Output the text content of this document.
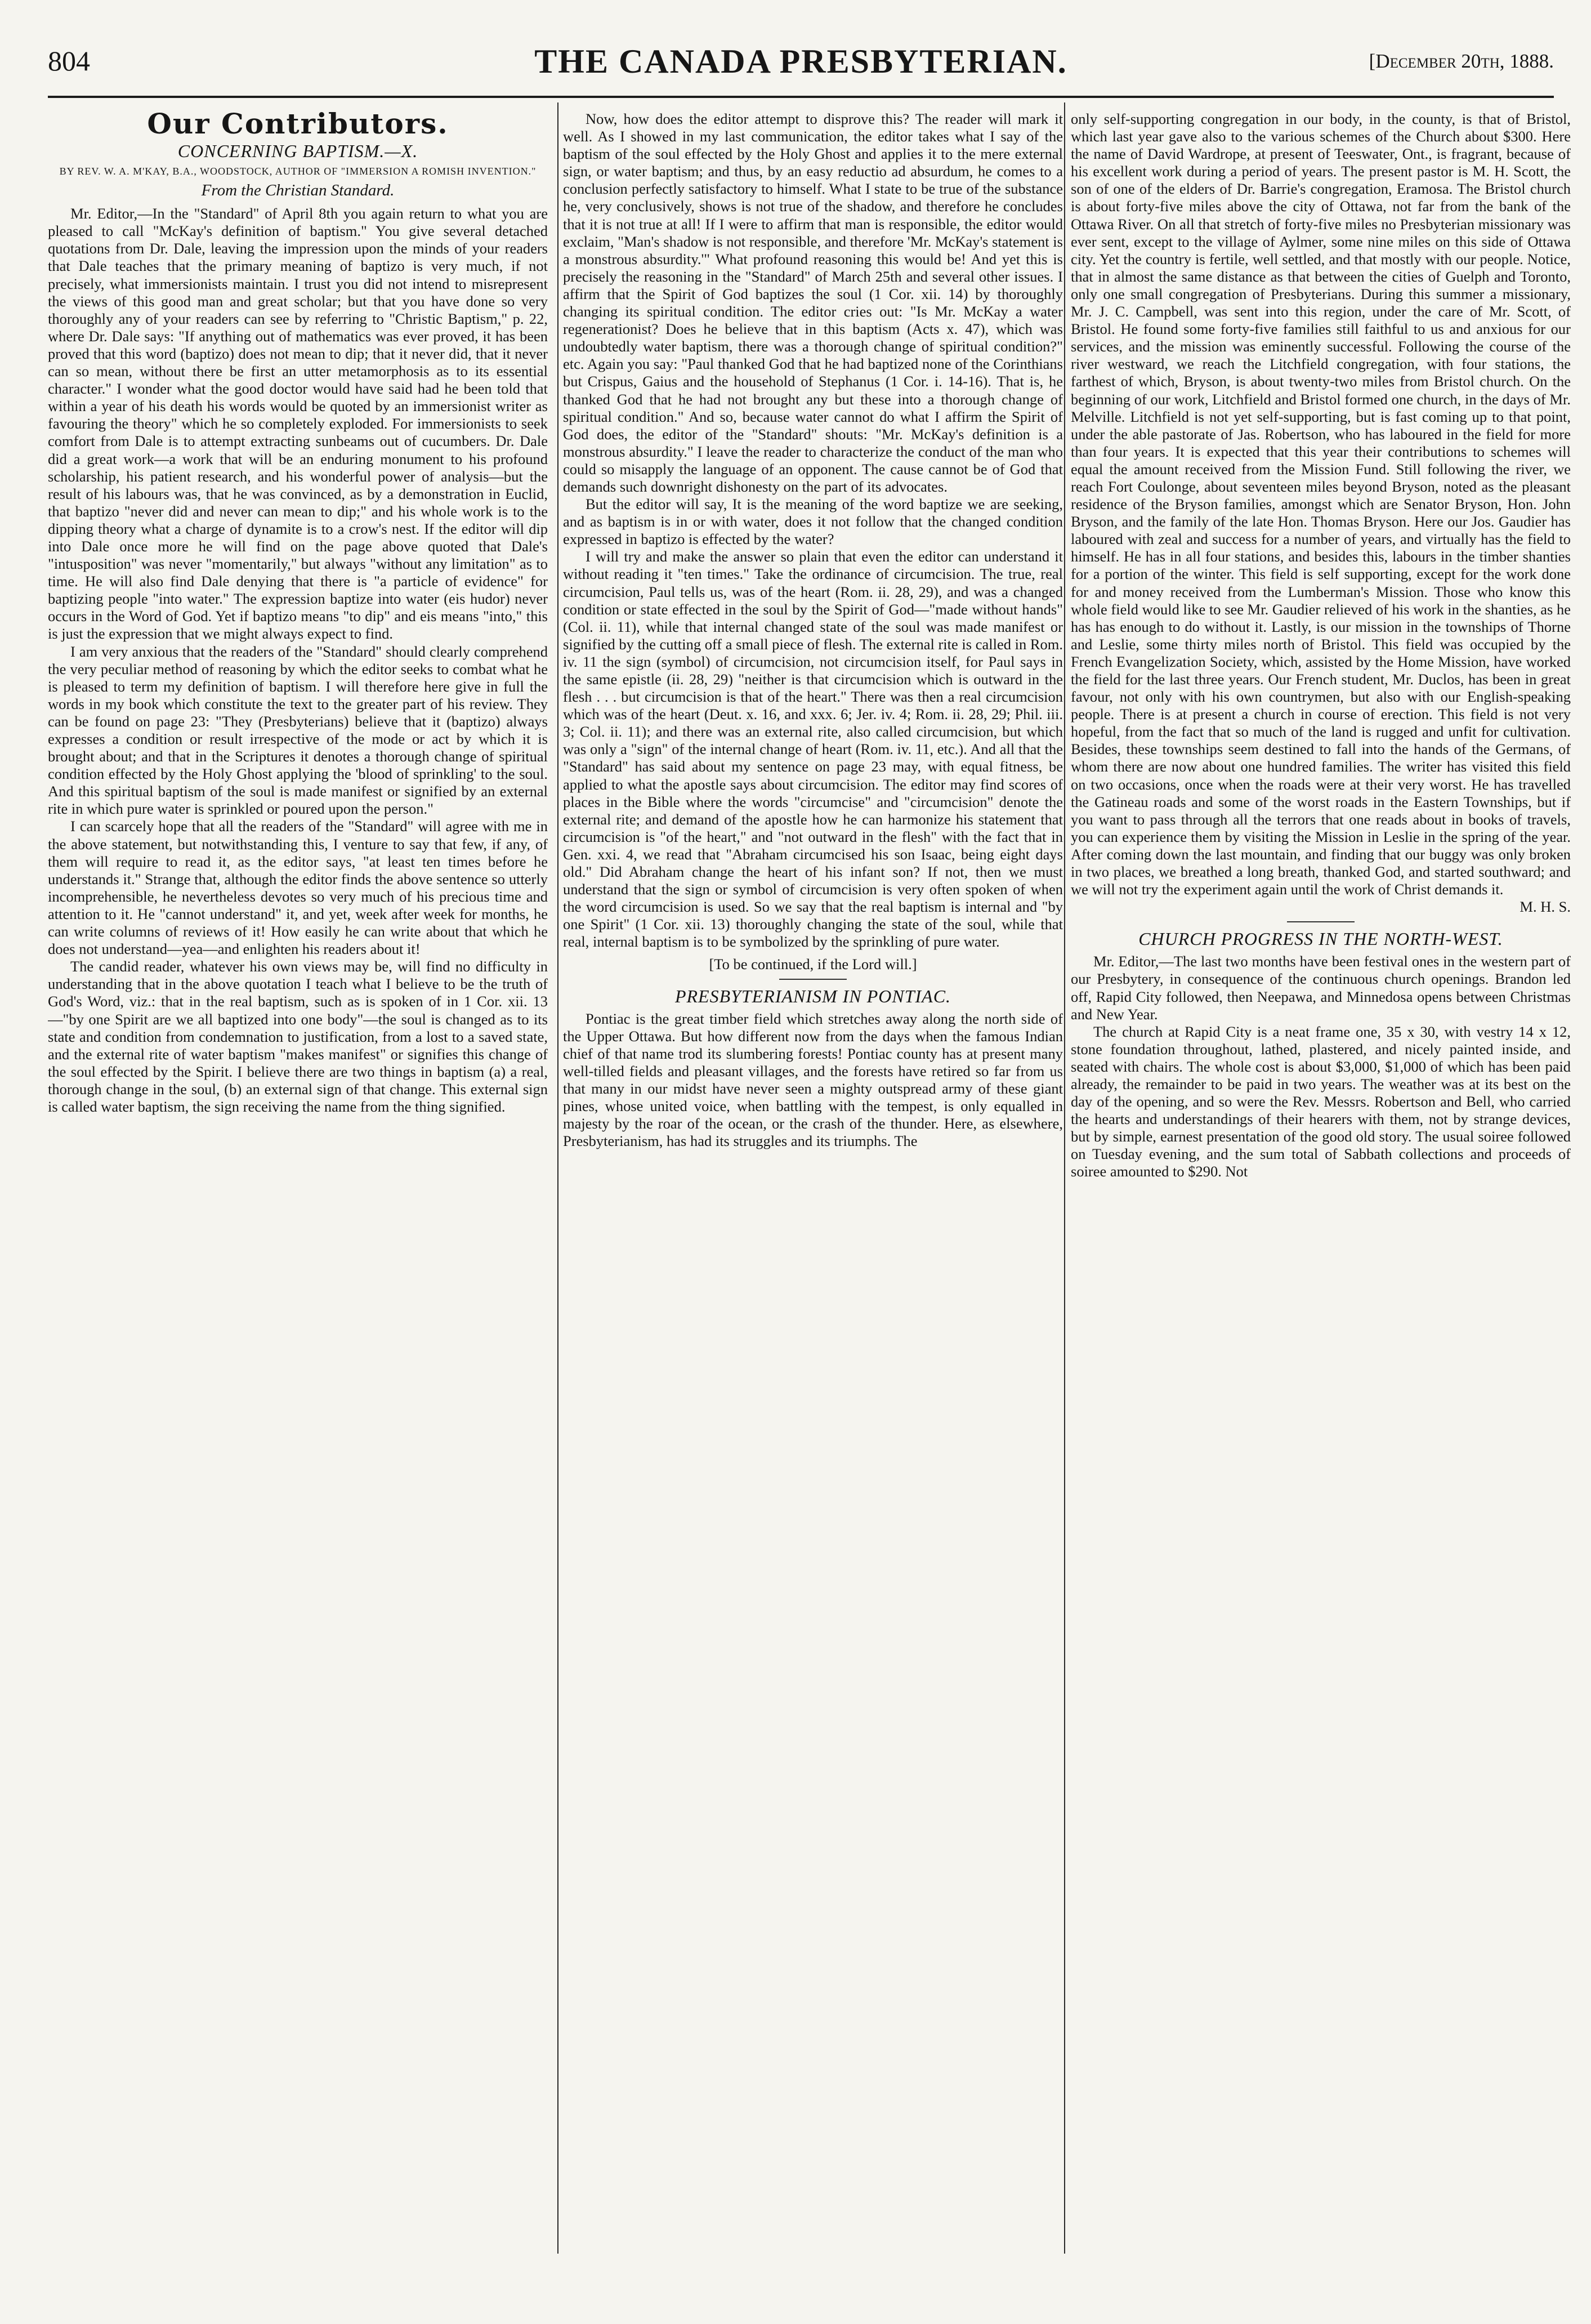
804	THE CANADA PRESBYTERIAN.	[December 20th, 1888.
Our Contributors.
CONCERNING BAPTISM.—X.
BY REV. W. A. M'KAY, B.A., WOODSTOCK, AUTHOR OF "IMMERSION A ROMISH INVENTION."
From the Christian Standard.

Mr. Editor,—In the "Standard" of April 8th you again return to what you are pleased to call "McKay's definition of baptism." You give several detached quotations from Dr. Dale, leaving the impression upon the minds of your readers that Dale teaches that the primary meaning of baptizo is very much, if not precisely, what immersionists maintain. I trust you did not intend to misrepresent the views of this good man and great scholar; but that you have done so very thoroughly any of your readers can see by referring to "Christic Baptism," p. 22, where Dr. Dale says: "If anything out of mathematics was ever proved, it has been proved that this word (baptizo) does not mean to dip; that it never did, that it never can so mean, without there be first an utter metamorphosis as to its essential character." I wonder what the good doctor would have said had he been told that within a year of his death his words would be quoted by an immersionist writer as favouring the theory" which he so completely exploded. For immersionists to seek comfort from Dale is to attempt extracting sunbeams out of cucumbers. Dr. Dale did a great work—a work that will be an enduring monument to his profound scholarship, his patient research, and his wonderful power of analysis—but the result of his labours was, that he was convinced, as by a demonstration in Euclid, that baptizo "never did and never can mean to dip;" and his whole work is to the dipping theory what a charge of dynamite is to a crow's nest. If the editor will dip into Dale once more he will find on the page above quoted that Dale's "intusposition" was never "momentarily," but always "without any limitation" as to time. He will also find Dale denying that there is "a particle of evidence" for baptizing people "into water." The expression baptize into water (eis hudor) never occurs in the Word of God. Yet if baptizo means "to dip" and eis means "into," this is just the expression that we might always expect to find.

I am very anxious that the readers of the "Standard" should clearly comprehend the very peculiar method of reasoning by which the editor seeks to combat what he is pleased to term my definition of baptism. I will therefore here give in full the words in my book which constitute the text to the greater part of his review. They can be found on page 23: "They (Presbyterians) believe that it (baptizo) always expresses a condition or result irrespective of the mode or act by which it is brought about; and that in the Scriptures it denotes a thorough change of spiritual condition effected by the Holy Ghost applying the 'blood of sprinkling' to the soul. And this spiritual baptism of the soul is made manifest or signified by an external rite in which pure water is sprinkled or poured upon the person."

I can scarcely hope that all the readers of the "Standard" will agree with me in the above statement, but notwithstanding this, I venture to say that few, if any, of them will require to read it, as the editor says, "at least ten times before he understands it." Strange that, although the editor finds the above sentence so utterly incomprehensible, he nevertheless devotes so very much of his precious time and attention to it. He "cannot understand" it, and yet, week after week for months, he can write columns of reviews of it! How easily he can write about that which he does not understand—yea—and enlighten his readers about it!

The candid reader, whatever his own views may be, will find no difficulty in understanding that in the above quotation I teach what I believe to be the truth of God's Word, viz.: that in the real baptism, such as is spoken of in 1 Cor. xii. 13—"by one Spirit are we all baptized into one body"—the soul is changed as to its state and condition from condemnation to justification, from a lost to a saved state, and the external rite of water baptism "makes manifest" or signifies this change of the soul effected by the Spirit. I believe there are two things in baptism (a) a real, thorough change in the soul, (b) an external sign of that change. This external sign is called water baptism, the sign receiving the name from the thing signified.

Now, how does the editor attempt to disprove this? The reader will mark it well. As I showed in my last communication, the editor takes what I say of the baptism of the soul effected by the Holy Ghost and applies it to the mere external sign, or water baptism; and thus, by an easy reductio ad absurdum, he comes to a conclusion perfectly satisfactory to himself. What I state to be true of the substance he, very conclusively, shows is not true of the shadow, and therefore he concludes that it is not true at all! If I were to affirm that man is responsible, the editor would exclaim, "Man's shadow is not responsible, and therefore 'Mr. McKay's statement is a monstrous absurdity.'" What profound reasoning this would be! And yet this is precisely the reasoning in the "Standard" of March 25th and several other issues. I affirm that the Spirit of God baptizes the soul (1 Cor. xii. 14) by thoroughly changing its spiritual condition. The editor cries out: "Is Mr. McKay a water regenerationist? Does he believe that in this baptism (Acts x. 47), which was undoubtedly water baptism, there was a thorough change of spiritual condition?" etc. Again you say: "Paul thanked God that he had baptized none of the Corinthians but Crispus, Gaius and the household of Stephanus (1 Cor. i. 14-16). That is, he thanked God that he had not brought any but these into a thorough change of spiritual condition." And so, because water cannot do what I affirm the Spirit of God does, the editor of the "Standard" shouts: "Mr. McKay's definition is a monstrous absurdity." I leave the reader to characterize the conduct of the man who could so misapply the language of an opponent. The cause cannot be of God that demands such downright dishonesty on the part of its advocates.

But the editor will say, It is the meaning of the word baptize we are seeking, and as baptism is in or with water, does it not follow that the changed condition expressed in baptizo is effected by the water?

I will try and make the answer so plain that even the editor can understand it without reading it "ten times." Take the ordinance of circumcision. The true, real circumcision, Paul tells us, was of the heart (Rom. ii. 28, 29), and was a changed condition or state effected in the soul by the Spirit of God—"made without hands" (Col. ii. 11), while that internal changed state of the soul was made manifest or signified by the cutting off a small piece of flesh. The external rite is called in Rom. iv. 11 the sign (symbol) of circumcision, not circumcision itself, for Paul says in the same epistle (ii. 28, 29) "neither is that circumcision which is outward in the flesh . . . but circumcision is that of the heart." There was then a real circumcision which was of the heart (Deut. x. 16, and xxx. 6; Jer. iv. 4; Rom. ii. 28, 29; Phil. iii. 3; Col. ii. 11); and there was an external rite, also called circumcision, but which was only a "sign" of the internal change of heart (Rom. iv. 11, etc.). And all that the "Standard" has said about my sentence on page 23 may, with equal fitness, be applied to what the apostle says about circumcision. The editor may find scores of places in the Bible where the words "circumcise" and "circumcision" denote the external rite; and demand of the apostle how he can harmonize his statement that circumcision is "of the heart," and "not outward in the flesh" with the fact that in Gen. xxi. 4, we read that "Abraham circumcised his son Isaac, being eight days old." Did Abraham change the heart of his infant son? If not, then we must understand that the sign or symbol of circumcision is very often spoken of when the word circumcision is used. So we say that the real baptism is internal and "by one Spirit" (1 Cor. xii. 13) thoroughly changing the state of the soul, while that real, internal baptism is to be symbolized by the sprinkling of pure water.

[To be continued, if the Lord will.]

PRESBYTERIANISM IN PONTIAC.

Pontiac is the great timber field which stretches away along the north side of the Upper Ottawa. But how different now from the days when the famous Indian chief of that name trod its slumbering forests! Pontiac county has at present many well-tilled fields and pleasant villages, and the forests have retired so far from us that many in our midst have never seen a mighty outspread army of these giant pines, whose united voice, when battling with the tempest, is only equalled in majesty by the roar of the ocean, or the crash of the thunder. Here, as elsewhere, Presbyterianism, has had its struggles and its triumphs. The

only self-supporting congregation in our body, in the county, is that of Bristol, which last year gave also to the various schemes of the Church about $300. Here the name of David Wardrope, at present of Teeswater, Ont., is fragrant, because of his excellent work during a period of years. The present pastor is M. H. Scott, the son of one of the elders of Dr. Barrie's congregation, Eramosa. The Bristol church is about forty-five miles above the city of Ottawa, not far from the bank of the Ottawa River. On all that stretch of forty-five miles no Presbyterian missionary was ever sent, except to the village of Aylmer, some nine miles on this side of Ottawa city. Yet the country is fertile, well settled, and that mostly with our people. Notice, that in almost the same distance as that between the cities of Guelph and Toronto, only one small congregation of Presbyterians. During this summer a missionary, Mr. J. C. Campbell, was sent into this region, under the care of Mr. Scott, of Bristol. He found some forty-five families still faithful to us and anxious for our services, and the mission was eminently successful. Following the course of the river westward, we reach the Litchfield congregation, with four stations, the farthest of which, Bryson, is about twenty-two miles from Bristol church. On the beginning of our work, Litchfield and Bristol formed one church, in the days of Mr. Melville. Litchfield is not yet self-supporting, but is fast coming up to that point, under the able pastorate of Jas. Robertson, who has laboured in the field for more than four years. It is expected that this year their contributions to schemes will equal the amount received from the Mission Fund. Still following the river, we reach Fort Coulonge, about seventeen miles beyond Bryson, noted as the pleasant residence of the Bryson families, amongst which are Senator Bryson, Hon. John Bryson, and the family of the late Hon. Thomas Bryson. Here our Jos. Gaudier has laboured with zeal and success for a number of years, and virtually has the field to himself. He has in all four stations, and besides this, labours in the timber shanties for a portion of the winter. This field is self supporting, except for the work done for and money received from the Lumberman's Mission. Those who know this whole field would like to see Mr. Gaudier relieved of his work in the shanties, as he has has enough to do without it. Lastly, is our mission in the townships of Thorne and Leslie, some thirty miles north of Bristol. This field was occupied by the French Evangelization Society, which, assisted by the Home Mission, have worked the field for the last three years. Our French student, Mr. Duclos, has been in great favour, not only with his own countrymen, but also with our English-speaking people. There is at present a church in course of erection. This field is not very hopeful, from the fact that so much of the land is rugged and unfit for cultivation. Besides, these townships seem destined to fall into the hands of the Germans, of whom there are now about one hundred families. The writer has visited this field on two occasions, once when the roads were at their very worst. He has travelled the Gatineau roads and some of the worst roads in the Eastern Townships, but if you want to pass through all the terrors that one reads about in books of travels, you can experience them by visiting the Mission in Leslie in the spring of the year. After coming down the last mountain, and finding that our buggy was only broken in two places, we breathed a long breath, thanked God, and started southward; and we will not try the experiment again until the work of Christ demands it.

M. H. S.

CHURCH PROGRESS IN THE NORTH-WEST.

Mr. Editor,—The last two months have been festival ones in the western part of our Presbytery, in consequence of the continuous church openings. Brandon led off, Rapid City followed, then Neepawa, and Minnedosa opens between Christmas and New Year.

The church at Rapid City is a neat frame one, 35 x 30, with vestry 14 x 12, stone foundation throughout, lathed, plastered, and nicely painted inside, and seated with chairs. The whole cost is about $3,000, $1,000 of which has been paid already, the remainder to be paid in two years. The weather was at its best on the day of the opening, and so were the Rev. Messrs. Robertson and Bell, who carried the hearts and understandings of their hearers with them, not by strange devices, but by simple, earnest presentation of the good old story. The usual soiree followed on Tuesday evening, and the sum total of Sabbath collections and proceeds of soiree amounted to $290. Not
